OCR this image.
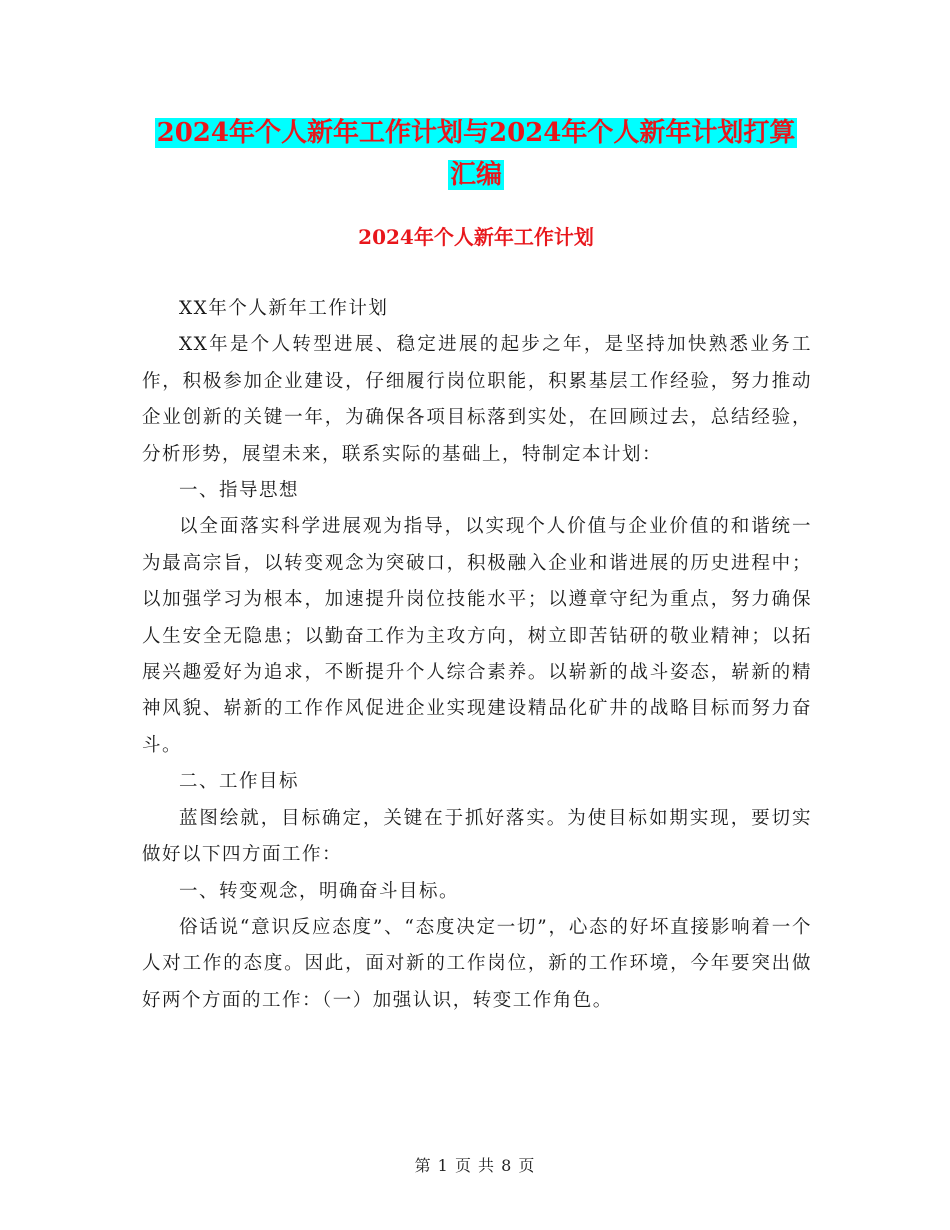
2024年个人新年工作计划与2024年个人新年计划打算
汇编
2024年个人新年工作计划

XX年个人新年工作计划

XX年是个人转型进展、稳定进展的起步之年，是坚持加快熟悉业务工作，积极参加企业建设，仔细履行岗位职能，积累基层工作经验，努力推动企业创新的关键一年，为确保各项目标落到实处，在回顾过去，总结经验，分析形势，展望未来，联系实际的基础上，特制定本计划：

一、指导思想

以全面落实科学进展观为指导，以实现个人价值与企业价值的和谐统一为最高宗旨，以转变观念为突破口，积极融入企业和谐进展的历史进程中；以加强学习为根本，加速提升岗位技能水平；以遵章守纪为重点，努力确保人生安全无隐患；以勤奋工作为主攻方向，树立即苦钻研的敬业精神；以拓展兴趣爱好为追求，不断提升个人综合素养。以崭新的战斗姿态，崭新的精神风貌、崭新的工作作风促进企业实现建设精品化矿井的战略目标而努力奋斗。

二、工作目标

蓝图绘就，目标确定，关键在于抓好落实。为使目标如期实现，要切实做好以下四方面工作：

一、转变观念，明确奋斗目标。

俗话说“意识反应态度”、“态度决定一切”，心态的好坏直接影响着一个人对工作的态度。因此，面对新的工作岗位，新的工作环境，今年要突出做好两个方面的工作：（一）加强认识，转变工作角色。

第 1 页 共 8 页
